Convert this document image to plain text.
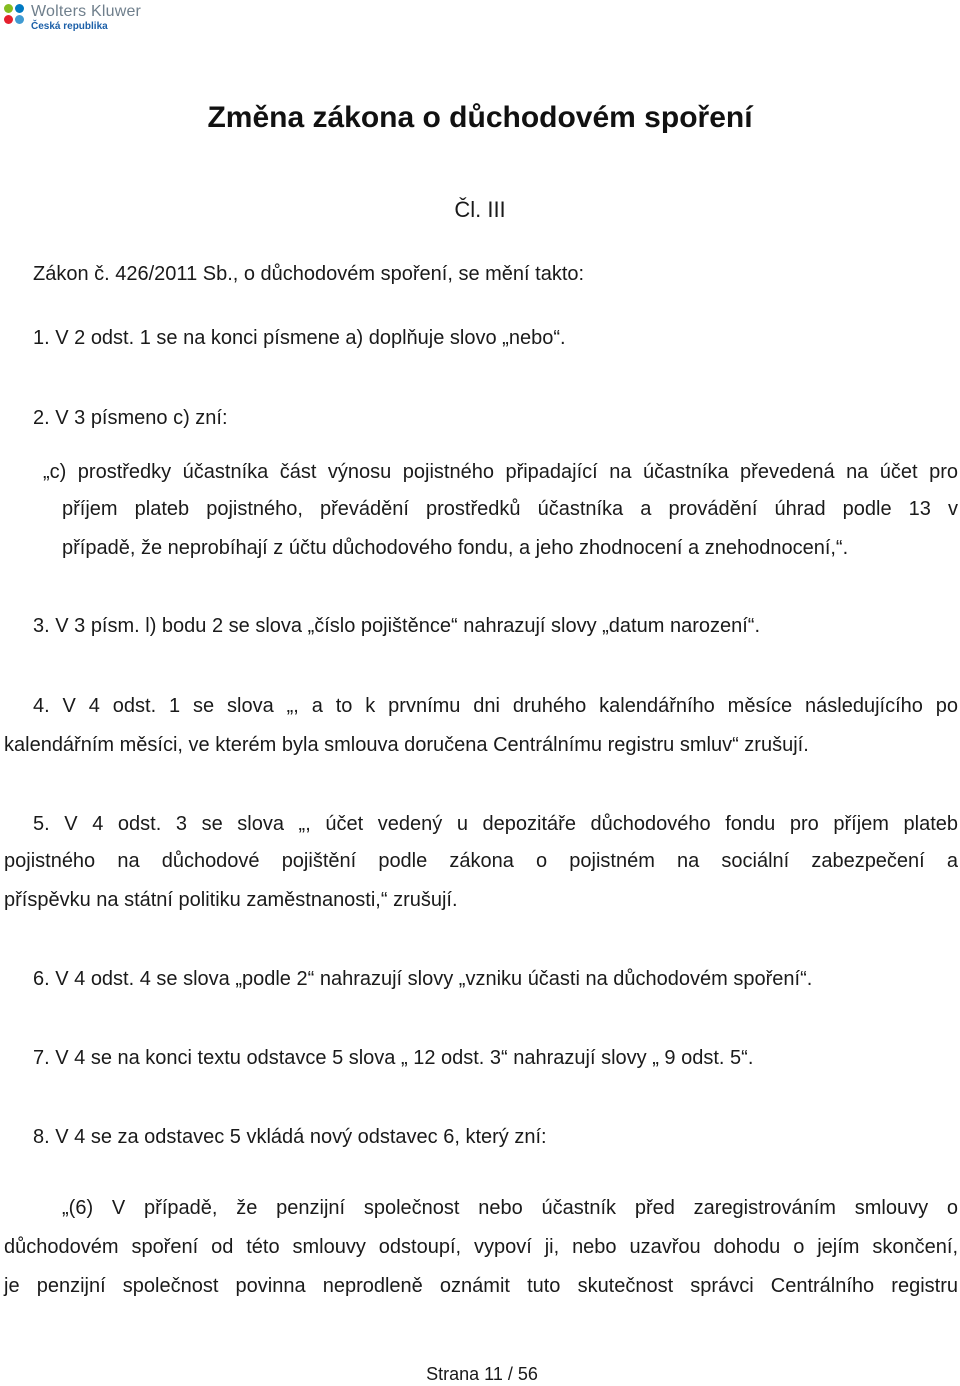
Wolters Kluwer
Česká republika
Změna zákona o důchodovém spoření
Čl. III
Zákon č. 426/2011 Sb., o důchodovém spoření, se mění takto:
1. V 2 odst. 1 se na konci písmene a) doplňuje slovo „nebo“.
2. V 3 písmeno c) zní:
„c) prostředky účastníka část výnosu pojistného připadající na účastníka převedená na účet pro
příjem plateb pojistného, převádění prostředků účastníka a provádění úhrad podle 13 v
případě, že neprobíhají z účtu důchodového fondu, a jeho zhodnocení a znehodnocení,“.
3. V 3 písm. l) bodu 2 se slova „číslo pojištěnce“ nahrazují slovy „datum narození“.
4. V 4 odst. 1 se slova „, a to k prvnímu dni druhého kalendářního měsíce následujícího po
kalendářním měsíci, ve kterém byla smlouva doručena Centrálnímu registru smluv“ zrušují.
5. V 4 odst. 3 se slova „, účet vedený u depozitáře důchodového fondu pro příjem plateb
pojistného na důchodové pojištění podle zákona o pojistném na sociální zabezpečení a
příspěvku na státní politiku zaměstnanosti,“ zrušují.
6. V 4 odst. 4 se slova „podle 2“ nahrazují slovy „vzniku účasti na důchodovém spoření“.
7. V 4 se na konci textu odstavce 5 slova „ 12 odst. 3“ nahrazují slovy „ 9 odst. 5“.
8. V 4 se za odstavec 5 vkládá nový odstavec 6, který zní:
„(6) V případě, že penzijní společnost nebo účastník před zaregistrováním smlouvy o
důchodovém spoření od této smlouvy odstoupí, vypoví ji, nebo uzavřou dohodu o jejím skončení,
je penzijní společnost povinna neprodleně oznámit tuto skutečnost správci Centrálního registru
Strana 11 / 56
